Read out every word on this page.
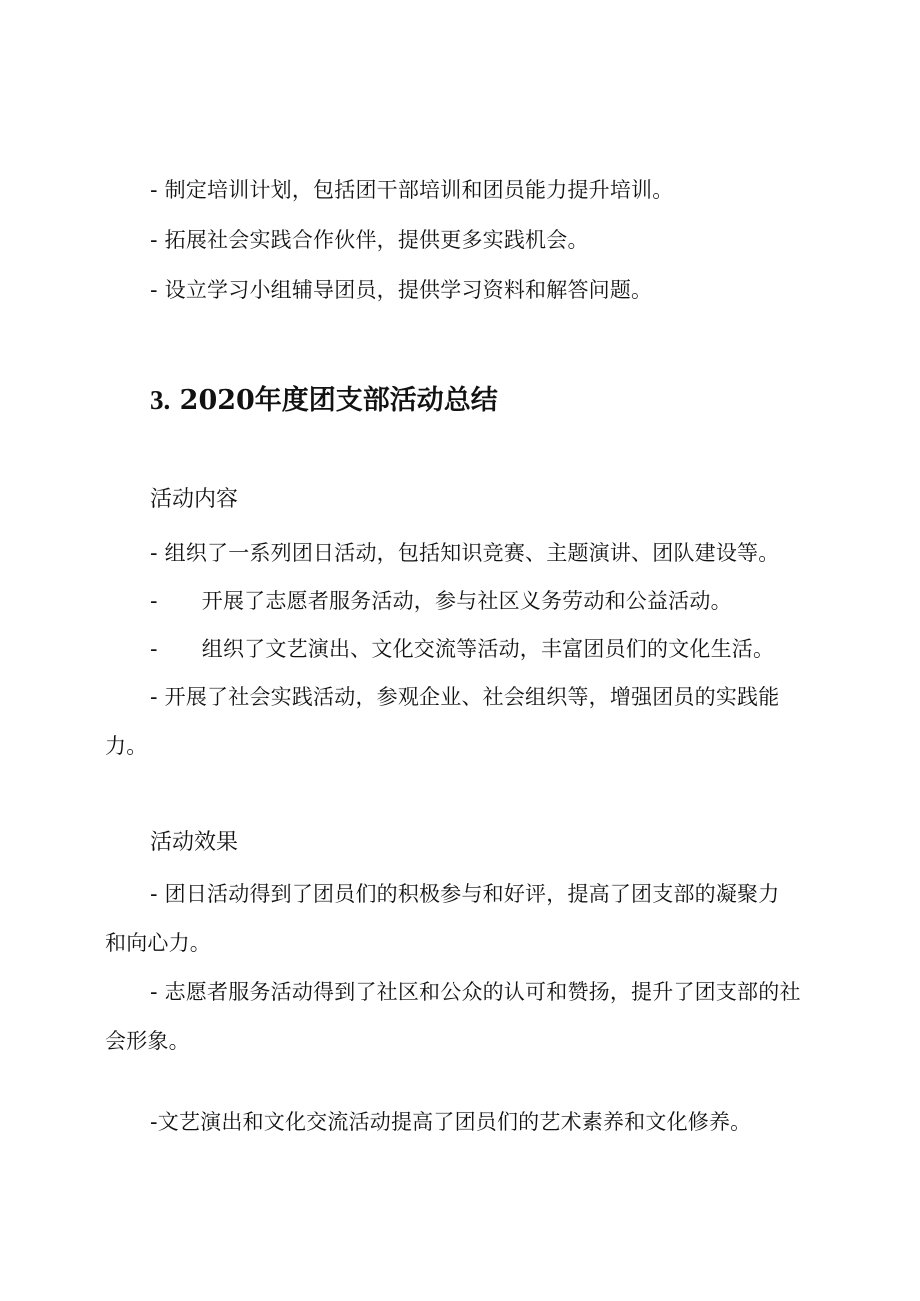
- 制定培训计划，包括团干部培训和团员能力提升培训。
- 拓展社会实践合作伙伴，提供更多实践机会。
- 设立学习小组辅导团员，提供学习资料和解答问题。
3. 2020年度团支部活动总结
活动内容
- 组织了一系列团日活动，包括知识竞赛、主题演讲、团队建设等。
- 开展了志愿者服务活动，参与社区义务劳动和公益活动。
- 组织了文艺演出、文化交流等活动，丰富团员们的文化生活。
- 开展了社会实践活动，参观企业、社会组织等，增强团员的实践能
力。
活动效果
- 团日活动得到了团员们的积极参与和好评，提高了团支部的凝聚力
和向心力。
- 志愿者服务活动得到了社区和公众的认可和赞扬，提升了团支部的社
会形象。
-文艺演出和文化交流活动提高了团员们的艺术素养和文化修养。
